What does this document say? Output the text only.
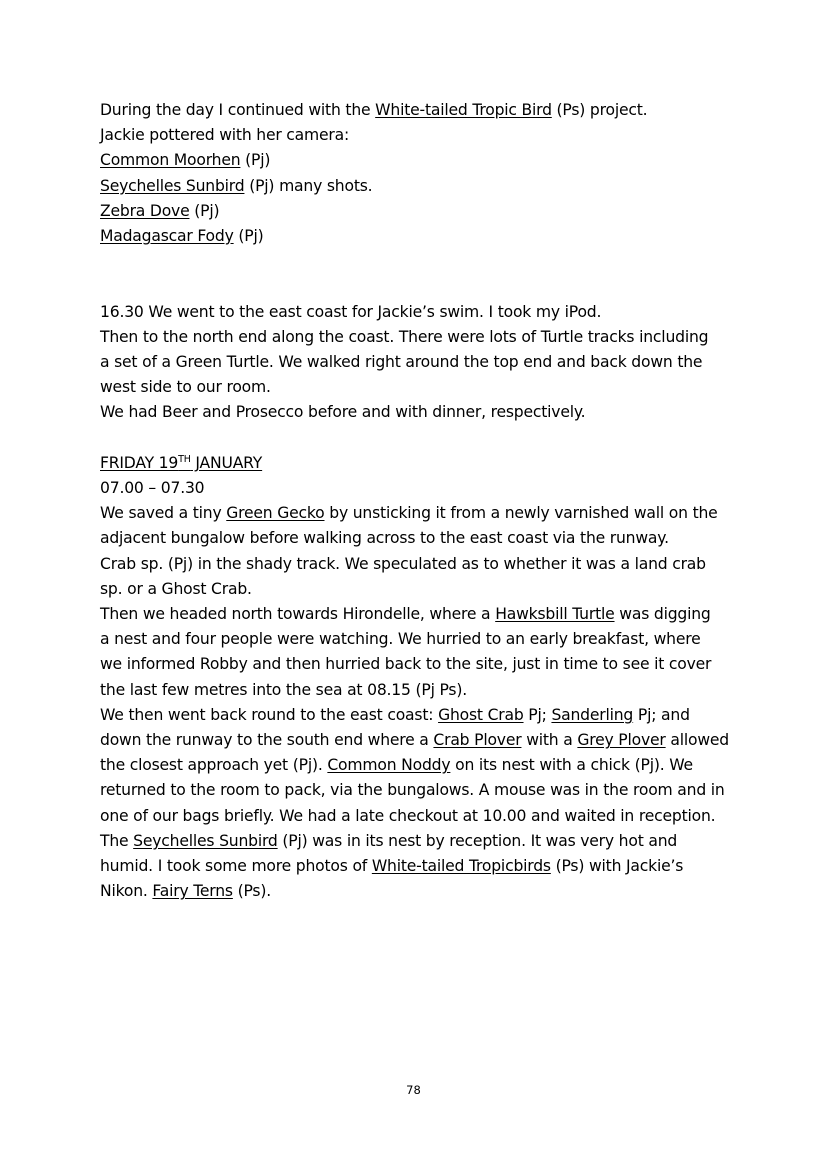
During the day I continued with the White-tailed Tropic Bird (Ps) project.
Jackie pottered with her camera:
Common Moorhen (Pj)
Seychelles Sunbird (Pj) many shots.
Zebra Dove (Pj)
Madagascar Fody (Pj)
16.30 We went to the east coast for Jackie’s swim. I took my iPod.
Then to the north end along the coast. There were lots of Turtle tracks including
a set of a Green Turtle. We walked right around the top end and back down the
west side to our room.
We had Beer and Prosecco before and with dinner, respectively.
FRIDAY 19TH JANUARY
07.00 – 07.30
We saved a tiny Green Gecko by unsticking it from a newly varnished wall on the
adjacent bungalow before walking across to the east coast via the runway.
Crab sp. (Pj) in the shady track. We speculated as to whether it was a land crab
sp. or a Ghost Crab.
Then we headed north towards Hirondelle, where a Hawksbill Turtle was digging
a nest and four people were watching. We hurried to an early breakfast, where
we informed Robby and then hurried back to the site, just in time to see it cover
the last few metres into the sea at 08.15 (Pj Ps).
We then went back round to the east coast: Ghost Crab Pj; Sanderling Pj; and
down the runway to the south end where a Crab Plover with a Grey Plover allowed
the closest approach yet (Pj). Common Noddy on its nest with a chick (Pj). We
returned to the room to pack, via the bungalows. A mouse was in the room and in
one of our bags briefly. We had a late checkout at 10.00 and waited in reception.
The Seychelles Sunbird (Pj) was in its nest by reception. It was very hot and
humid. I took some more photos of White-tailed Tropicbirds (Ps) with Jackie’s
Nikon. Fairy Terns (Ps).
78
